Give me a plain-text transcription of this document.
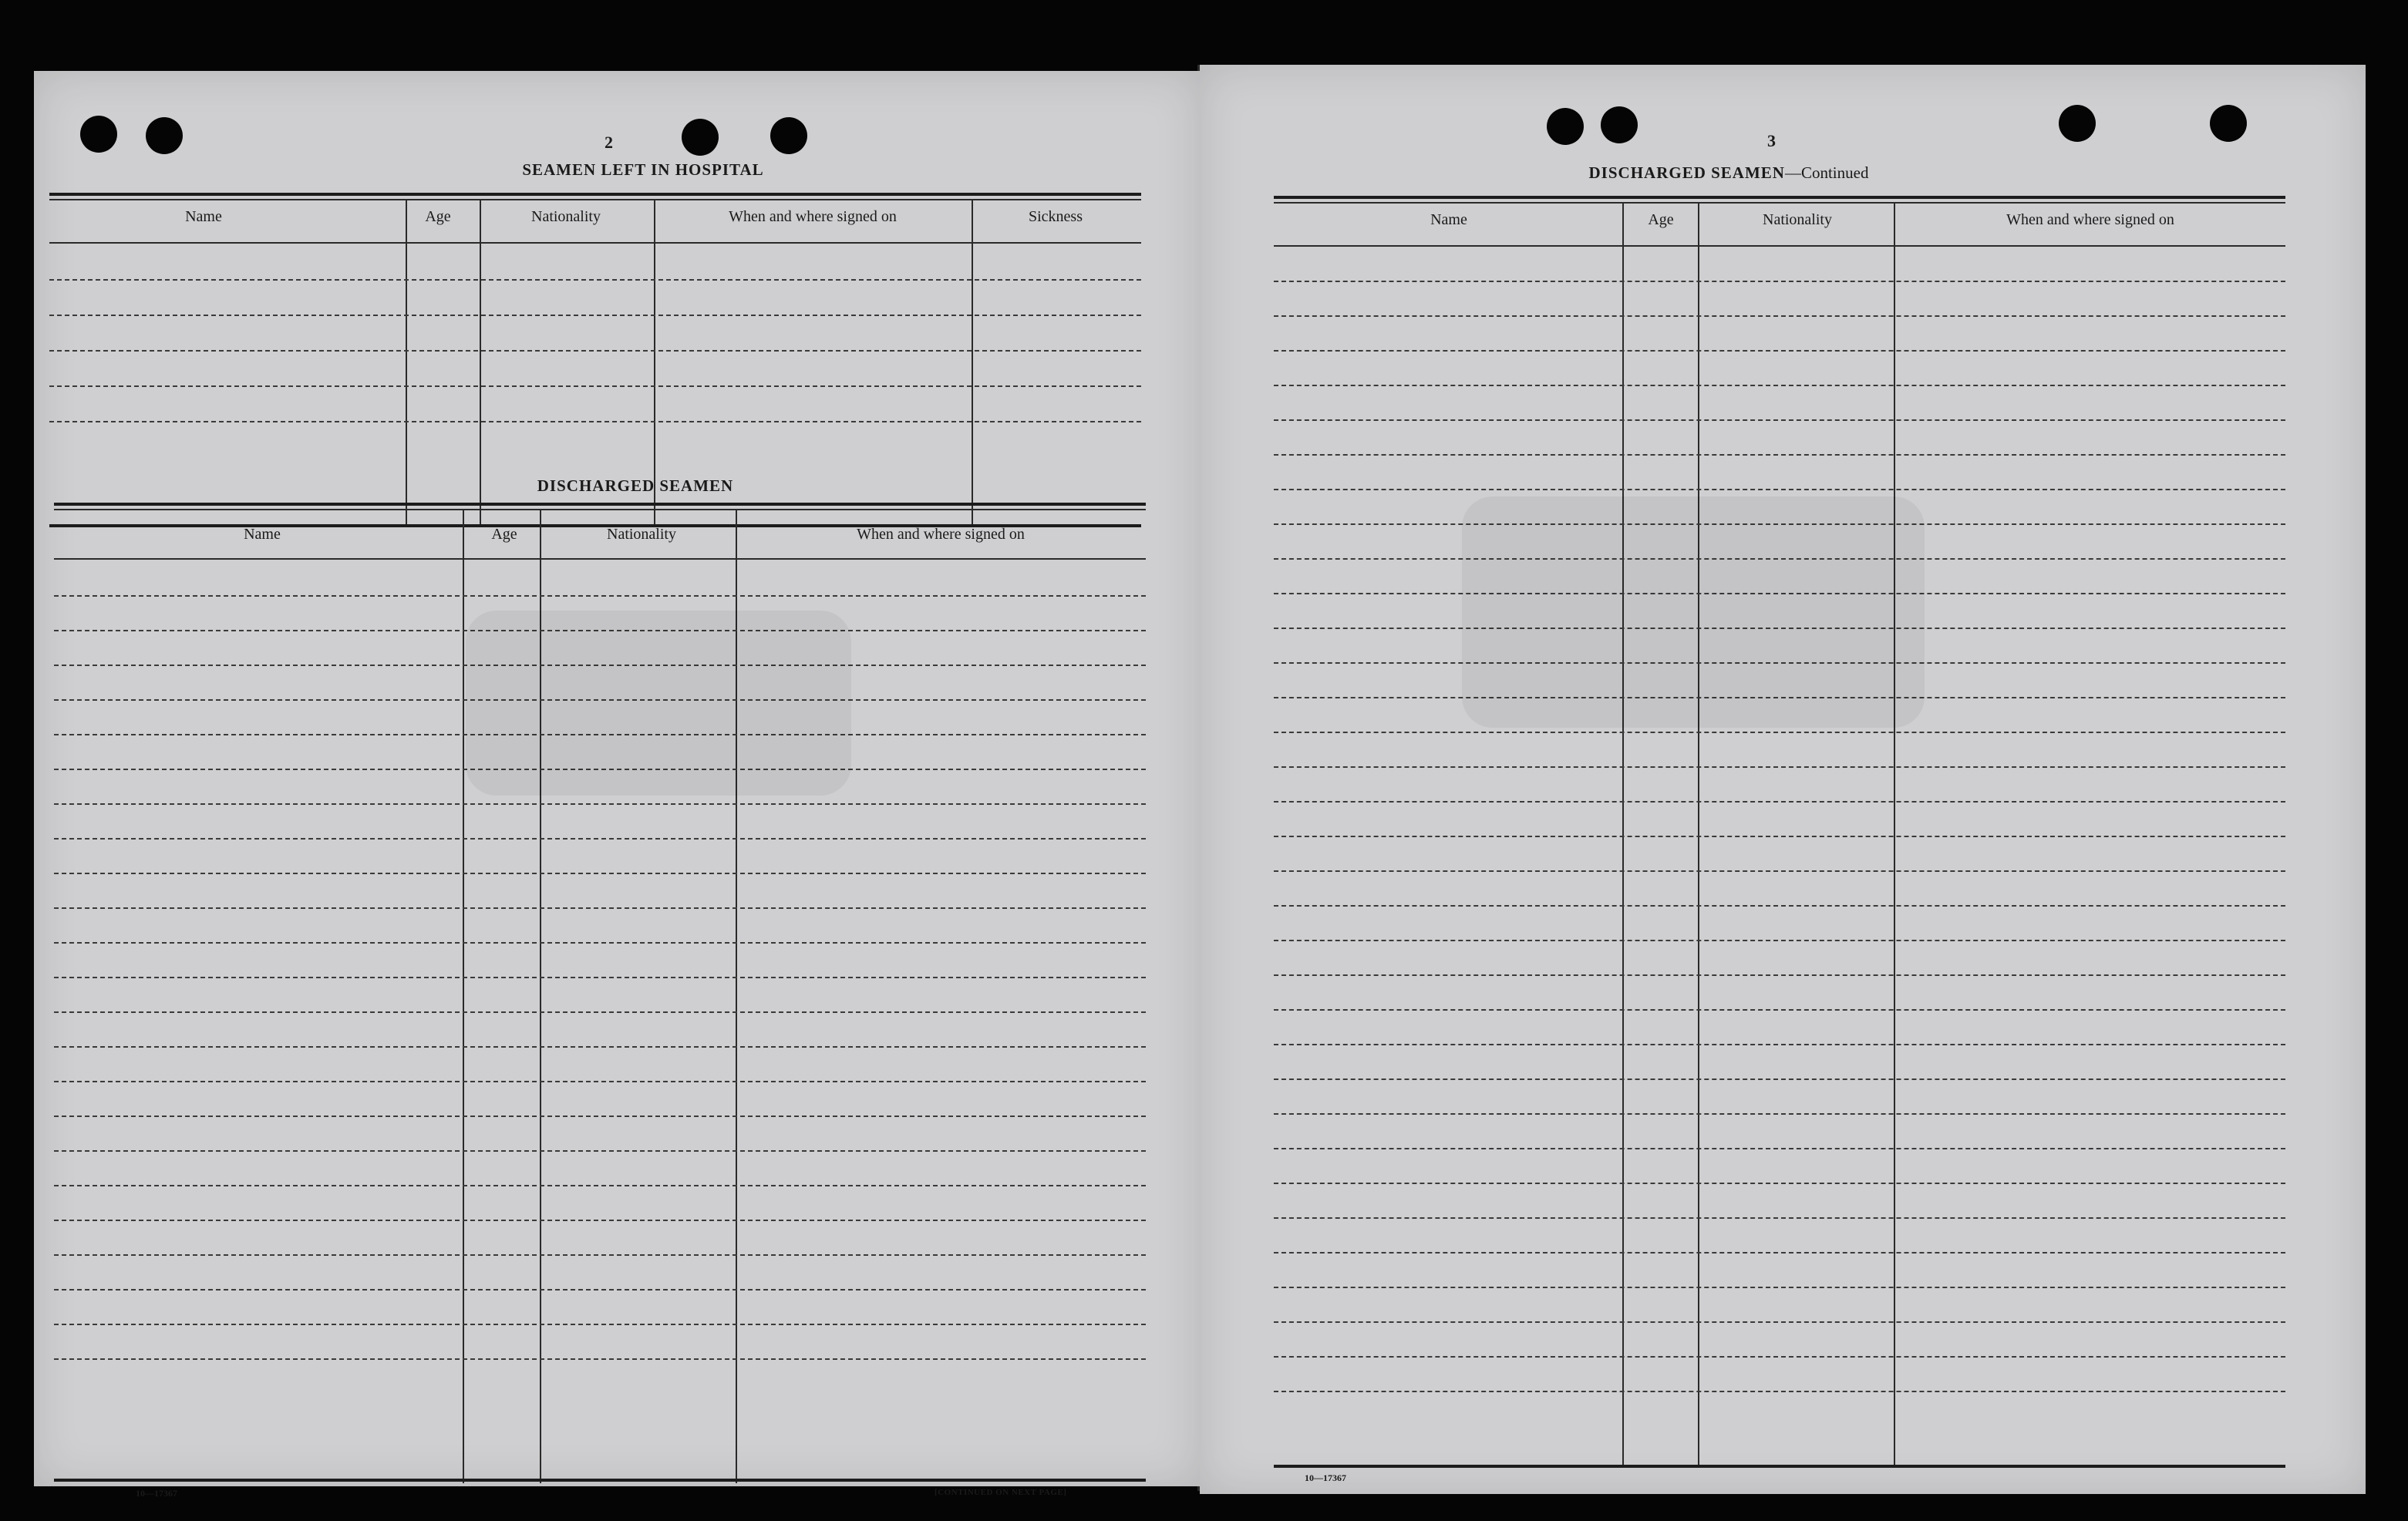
2
SEAMEN LEFT IN HOSPITAL
Name	Age	Nationality	When and where signed on	Sickness
DISCHARGED SEAMEN
Name	Age	Nationality	When and where signed on
10—17367	[CONTINUED ON NEXT PAGE]
3
DISCHARGED SEAMEN—Continued
Name	Age	Nationality	When and where signed on
10—17367
